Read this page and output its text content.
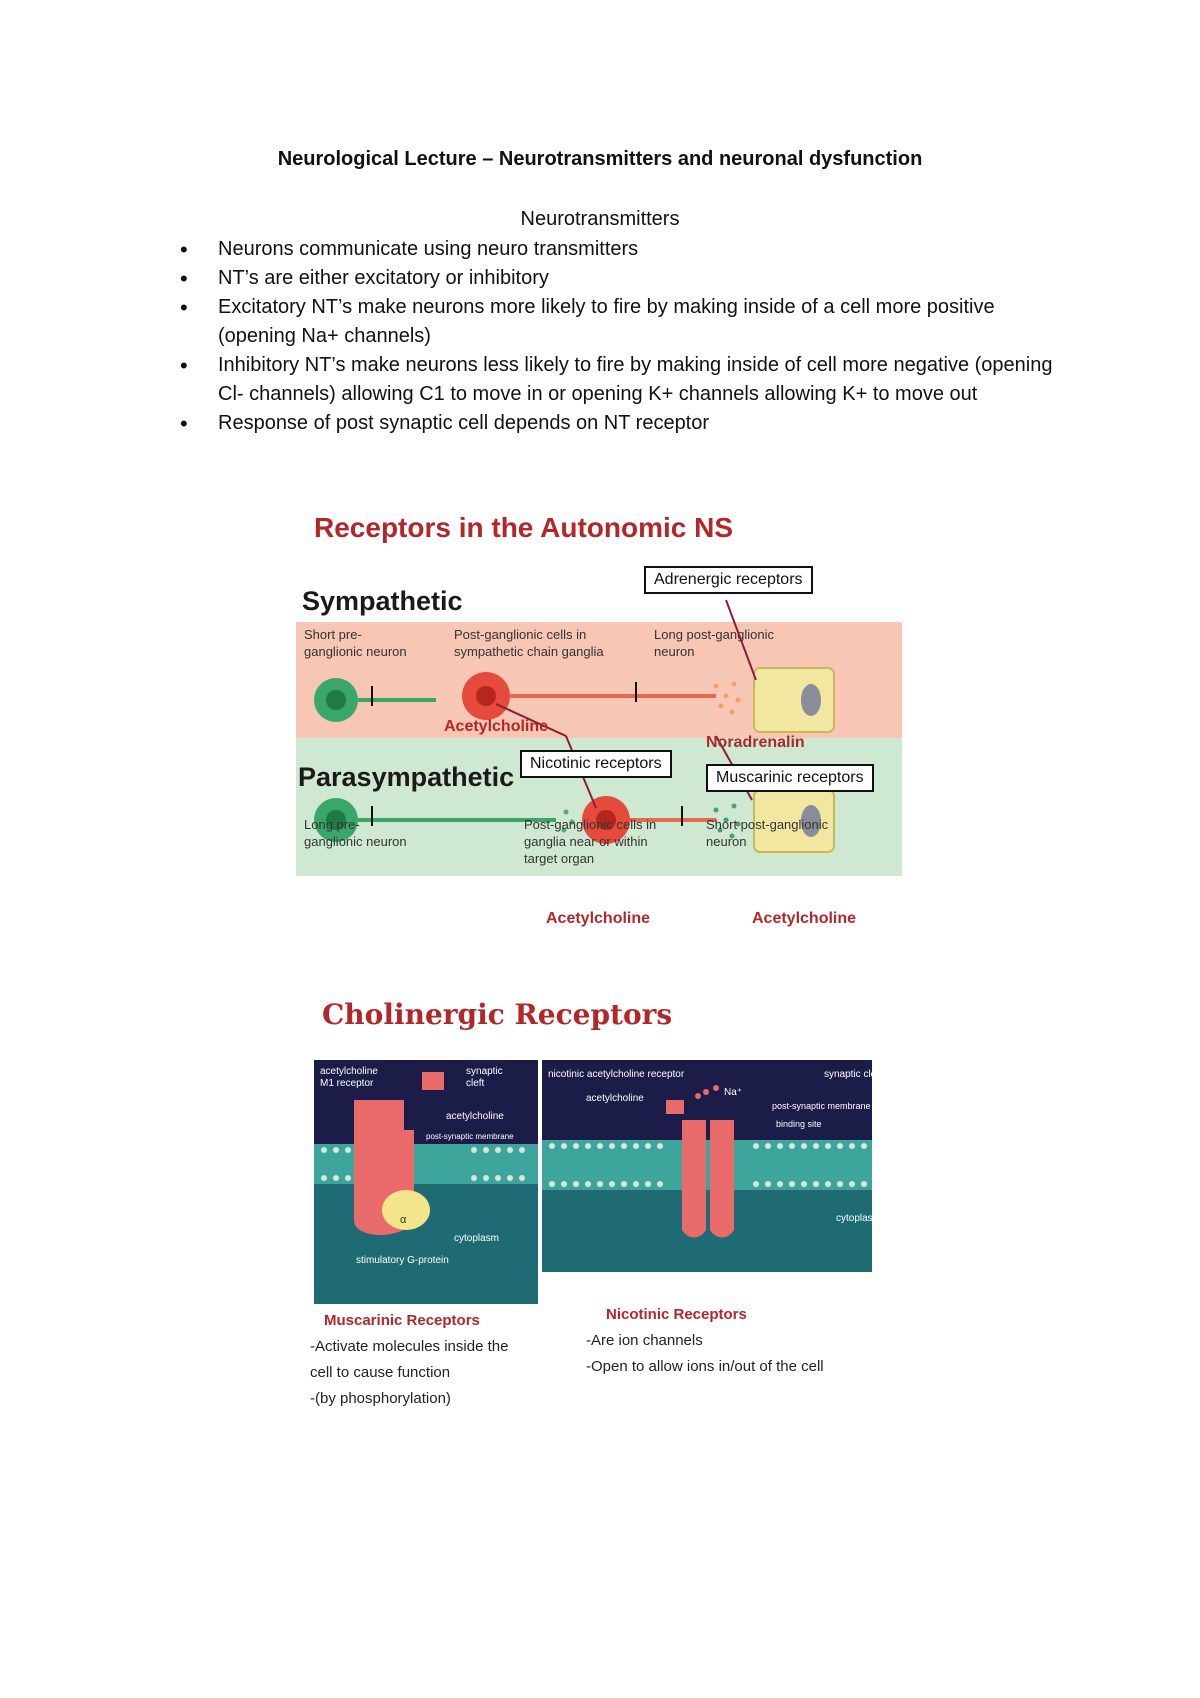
Neurological Lecture – Neurotransmitters and neuronal dysfunction
Neurotransmitters
• Neurons communicate using neuro transmitters
• NT’s are either excitatory or inhibitory
• Excitatory NT’s make neurons more likely to fire by making inside of a cell more positive (opening Na+ channels)
• Inhibitory NT’s make neurons less likely to fire by making inside of cell more negative (opening Cl- channels) allowing C1 to move in or opening K+ channels allowing K+ to move out
• Response of post synaptic cell depends on NT receptor
Receptors in the Autonomic NS
Adrenergic receptors
Sympathetic
Short pre-
ganglionic neuron
Post-ganglionic cells in
sympathetic chain ganglia
Long post-ganglionic
neuron
Acetylcholine
Noradrenalin
Nicotinic receptors
Muscarinic receptors
Parasympathetic
Long pre-
ganglionic neuron
Post-ganglionic cells in
ganglia near or within
target organ
Short post-ganglionic
neuron
Acetylcholine	Acetylcholine
Cholinergic Receptors
acetylcholine
M1 receptor
synaptic
cleft
acetylcholine
post-synaptic membrane
cytoplasm
stimulatory G-protein
α
nicotinic acetylcholine receptor	synaptic cleft
acetylcholine
Na⁺
post-synaptic membrane
binding site
cytoplasm
Muscarinic Receptors
-Activate molecules inside the
cell to cause function
-(by phosphorylation)
Nicotinic Receptors
-Are ion channels
-Open to allow ions in/out of the cell
